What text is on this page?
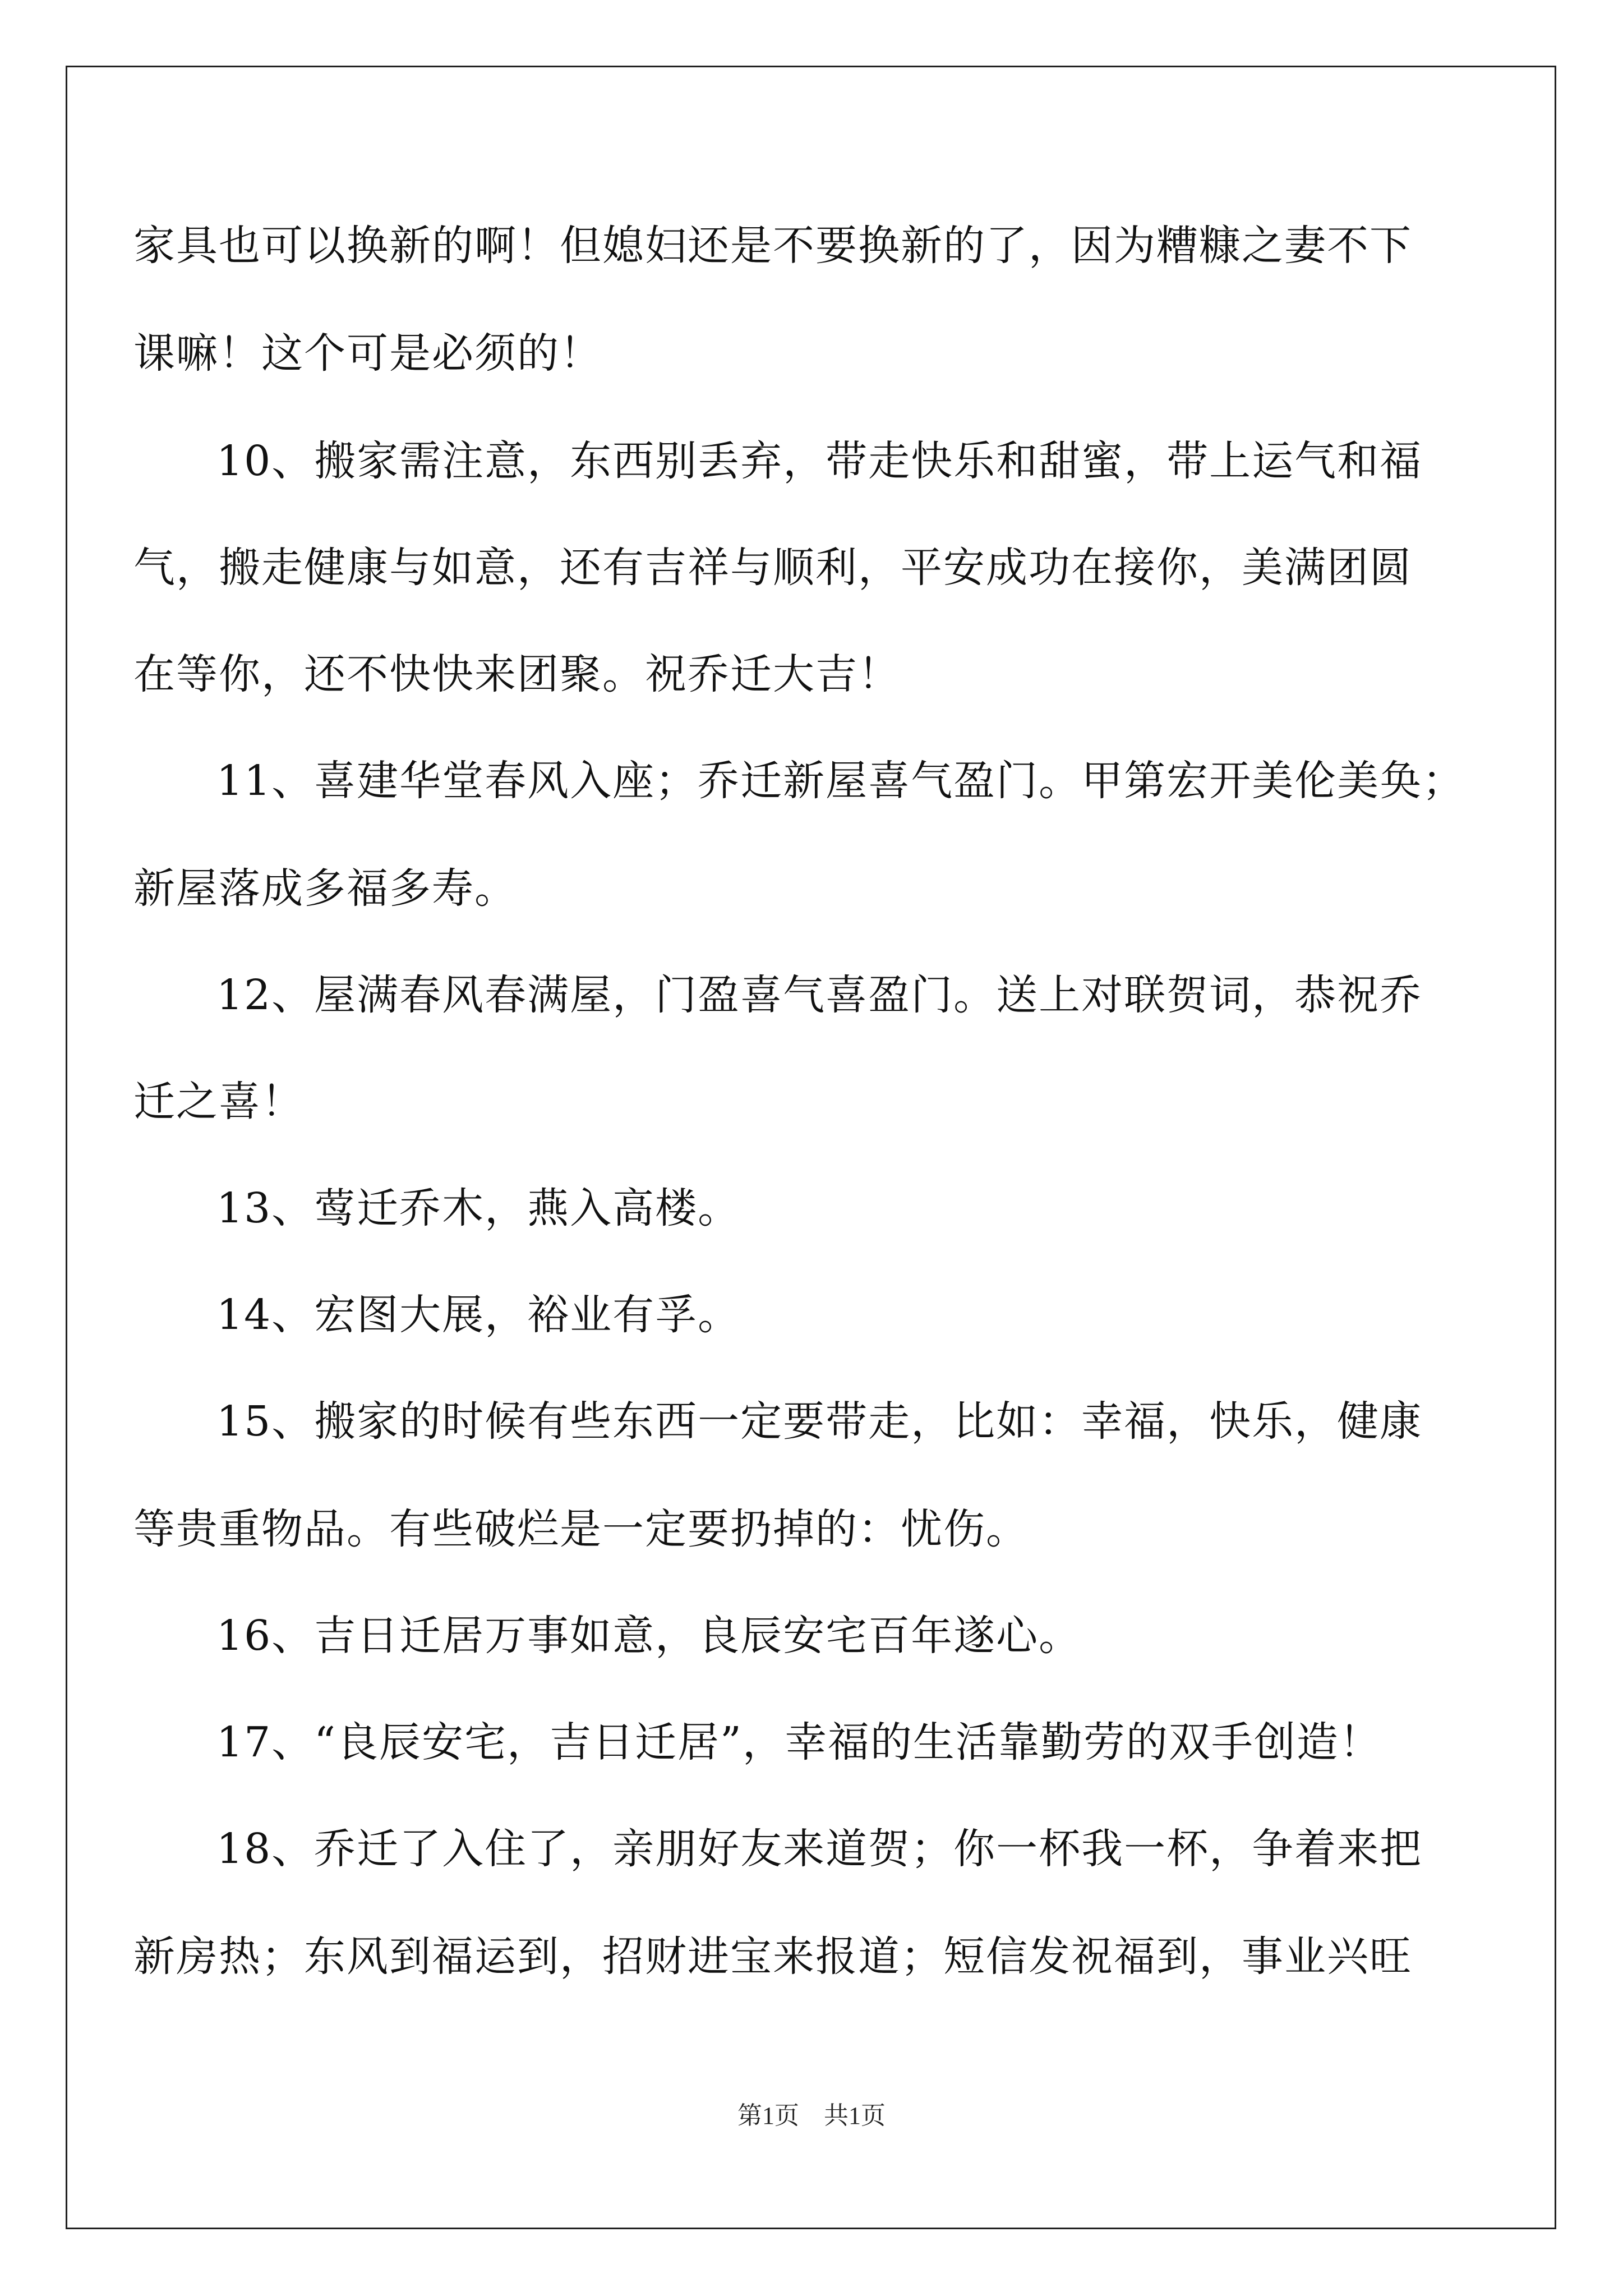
家具也可以换新的啊！但媳妇还是不要换新的了，因为糟糠之妻不下
课嘛！这个可是必须的！
10、搬家需注意，东西别丢弃，带走快乐和甜蜜，带上运气和福
气，搬走健康与如意，还有吉祥与顺利，平安成功在接你，美满团圆
在等你，还不快快来团聚。祝乔迁大吉！
11、喜建华堂春风入座；乔迁新屋喜气盈门。甲第宏开美伦美奂；
新屋落成多福多寿。
12、屋满春风春满屋，门盈喜气喜盈门。送上对联贺词，恭祝乔
迁之喜！
13、莺迁乔木，燕入高楼。
14、宏图大展，裕业有孚。
15、搬家的时候有些东西一定要带走，比如：幸福，快乐，健康
等贵重物品。有些破烂是一定要扔掉的：忧伤。
16、吉日迁居万事如意，良辰安宅百年遂心。
17、“良辰安宅，吉日迁居”，幸福的生活靠勤劳的双手创造！
18、乔迁了入住了，亲朋好友来道贺；你一杯我一杯，争着来把
新房热；东风到福运到，招财进宝来报道；短信发祝福到，事业兴旺
第1页　共1页
